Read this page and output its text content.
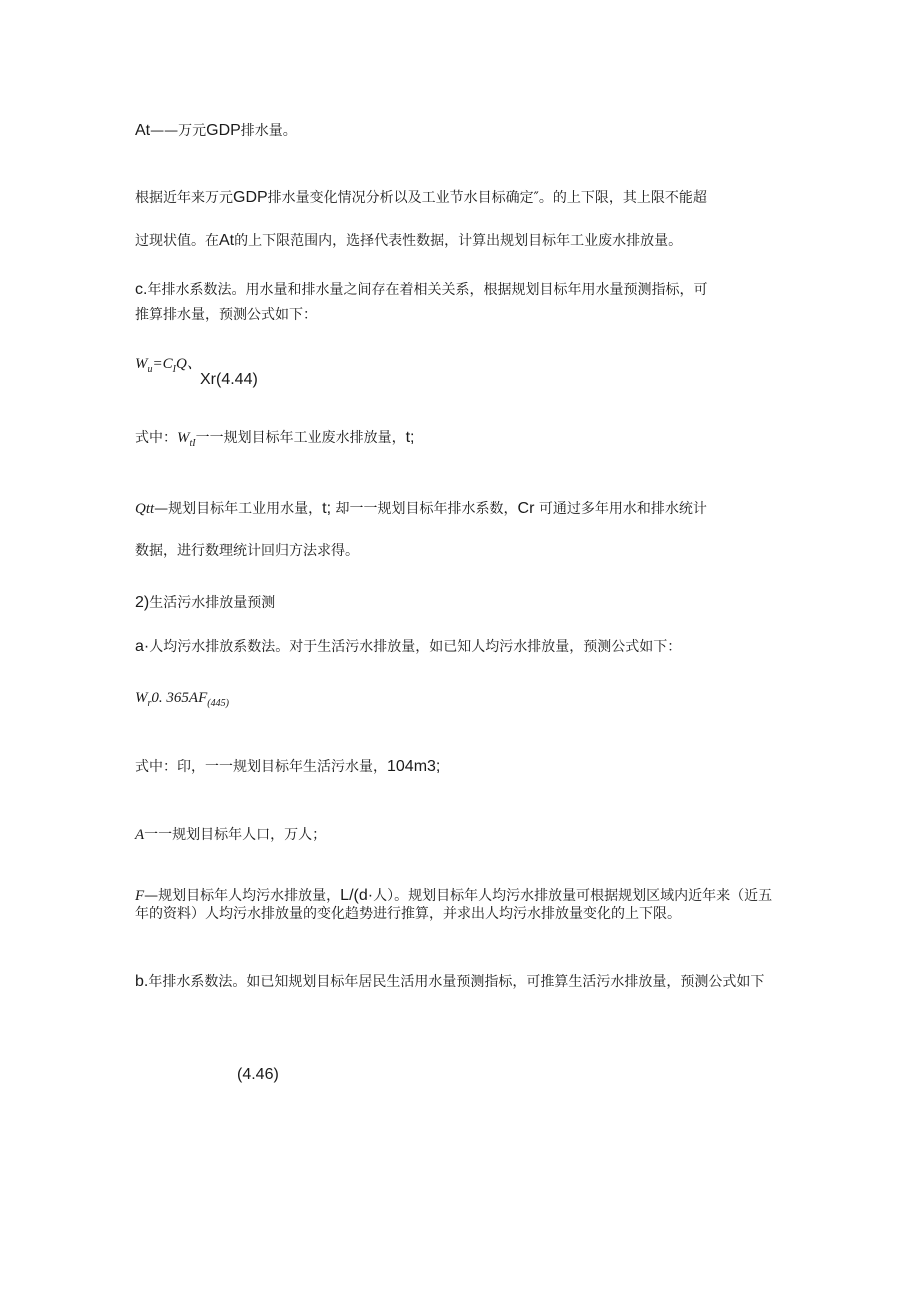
At——万元GDP排水量。
根据近年来万元GDP排水量变化情况分析以及工业节水目标确定″。的上下限，其上限不能超
过现状值。在At的上下限范围内，选择代表性数据，计算出规划目标年工业废水排放量。
c.年排水系数法。用水量和排水量之间存在着相关关系，根据规划目标年用水量预测指标，可
推算排水量，预测公式如下：
$W_u=C_IQ$、
Xr(4.44)
式中：$W_{tI}$一一规划目标年工业废水排放量，t;
Qtt—规划目标年工业用水量，t; 却一一规划目标年排水系数，Cr 可通过多年用水和排水统计
数据，进行数理统计回归方法求得。
2)生活污水排放量预测
a·人均污水排放系数法。对于生活污水排放量，如已知人均污水排放量，预测公式如下：
$W_r0$. $365AF_{(445)}$
式中：印，一一规划目标年生活污水量，104m3;
A一一规划目标年人口，万人；
F—规划目标年人均污水排放量，L/(d·人）。规划目标年人均污水排放量可根据规划区域内近年来（近五年的资料）人均污水排放量的变化趋势进行推算，并求出人均污水排放量变化的上下限。
b.年排水系数法。如已知规划目标年居民生活用水量预测指标，可推算生活污水排放量，预测公式如下
(4.46)
